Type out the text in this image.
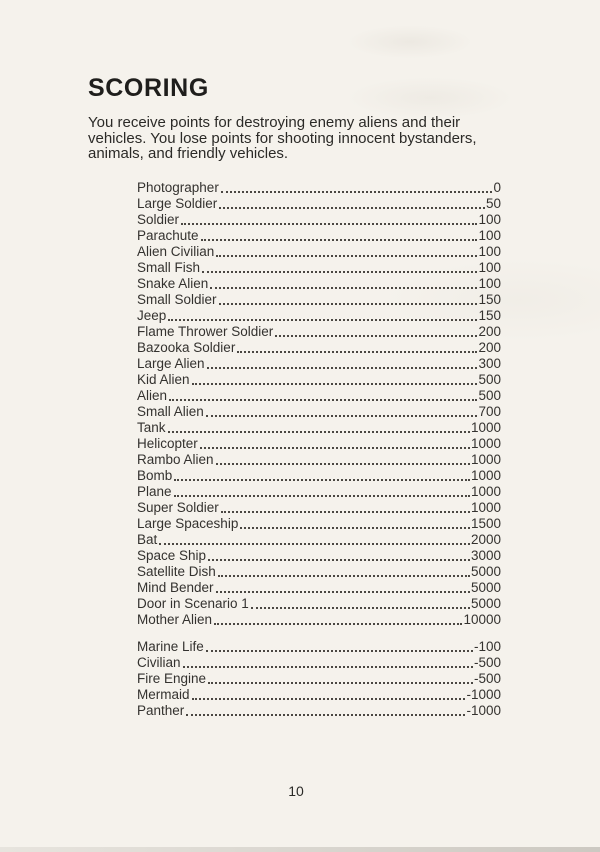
SCORING
You receive points for destroying enemy aliens and their
vehicles. You lose points for shooting innocent bystanders,
animals, and friendly vehicles.
Photographer	0
Large Soldier	50
Soldier	100
Parachute	100
Alien Civilian	100
Small Fish	100
Snake Alien	100
Small Soldier	150
Jeep	150
Flame Thrower Soldier	200
Bazooka Soldier	200
Large Alien	300
Kid Alien	500
Alien	500
Small Alien	700
Tank	1000
Helicopter	1000
Rambo Alien	1000
Bomb	1000
Plane	1000
Super Soldier	1000
Large Spaceship	1500
Bat	2000
Space Ship	3000
Satellite Dish	5000
Mind Bender	5000
Door in Scenario 1	5000
Mother Alien	10000
Marine Life	-100
Civilian	-500
Fire Engine	-500
Mermaid	-1000
Panther	-1000
10
